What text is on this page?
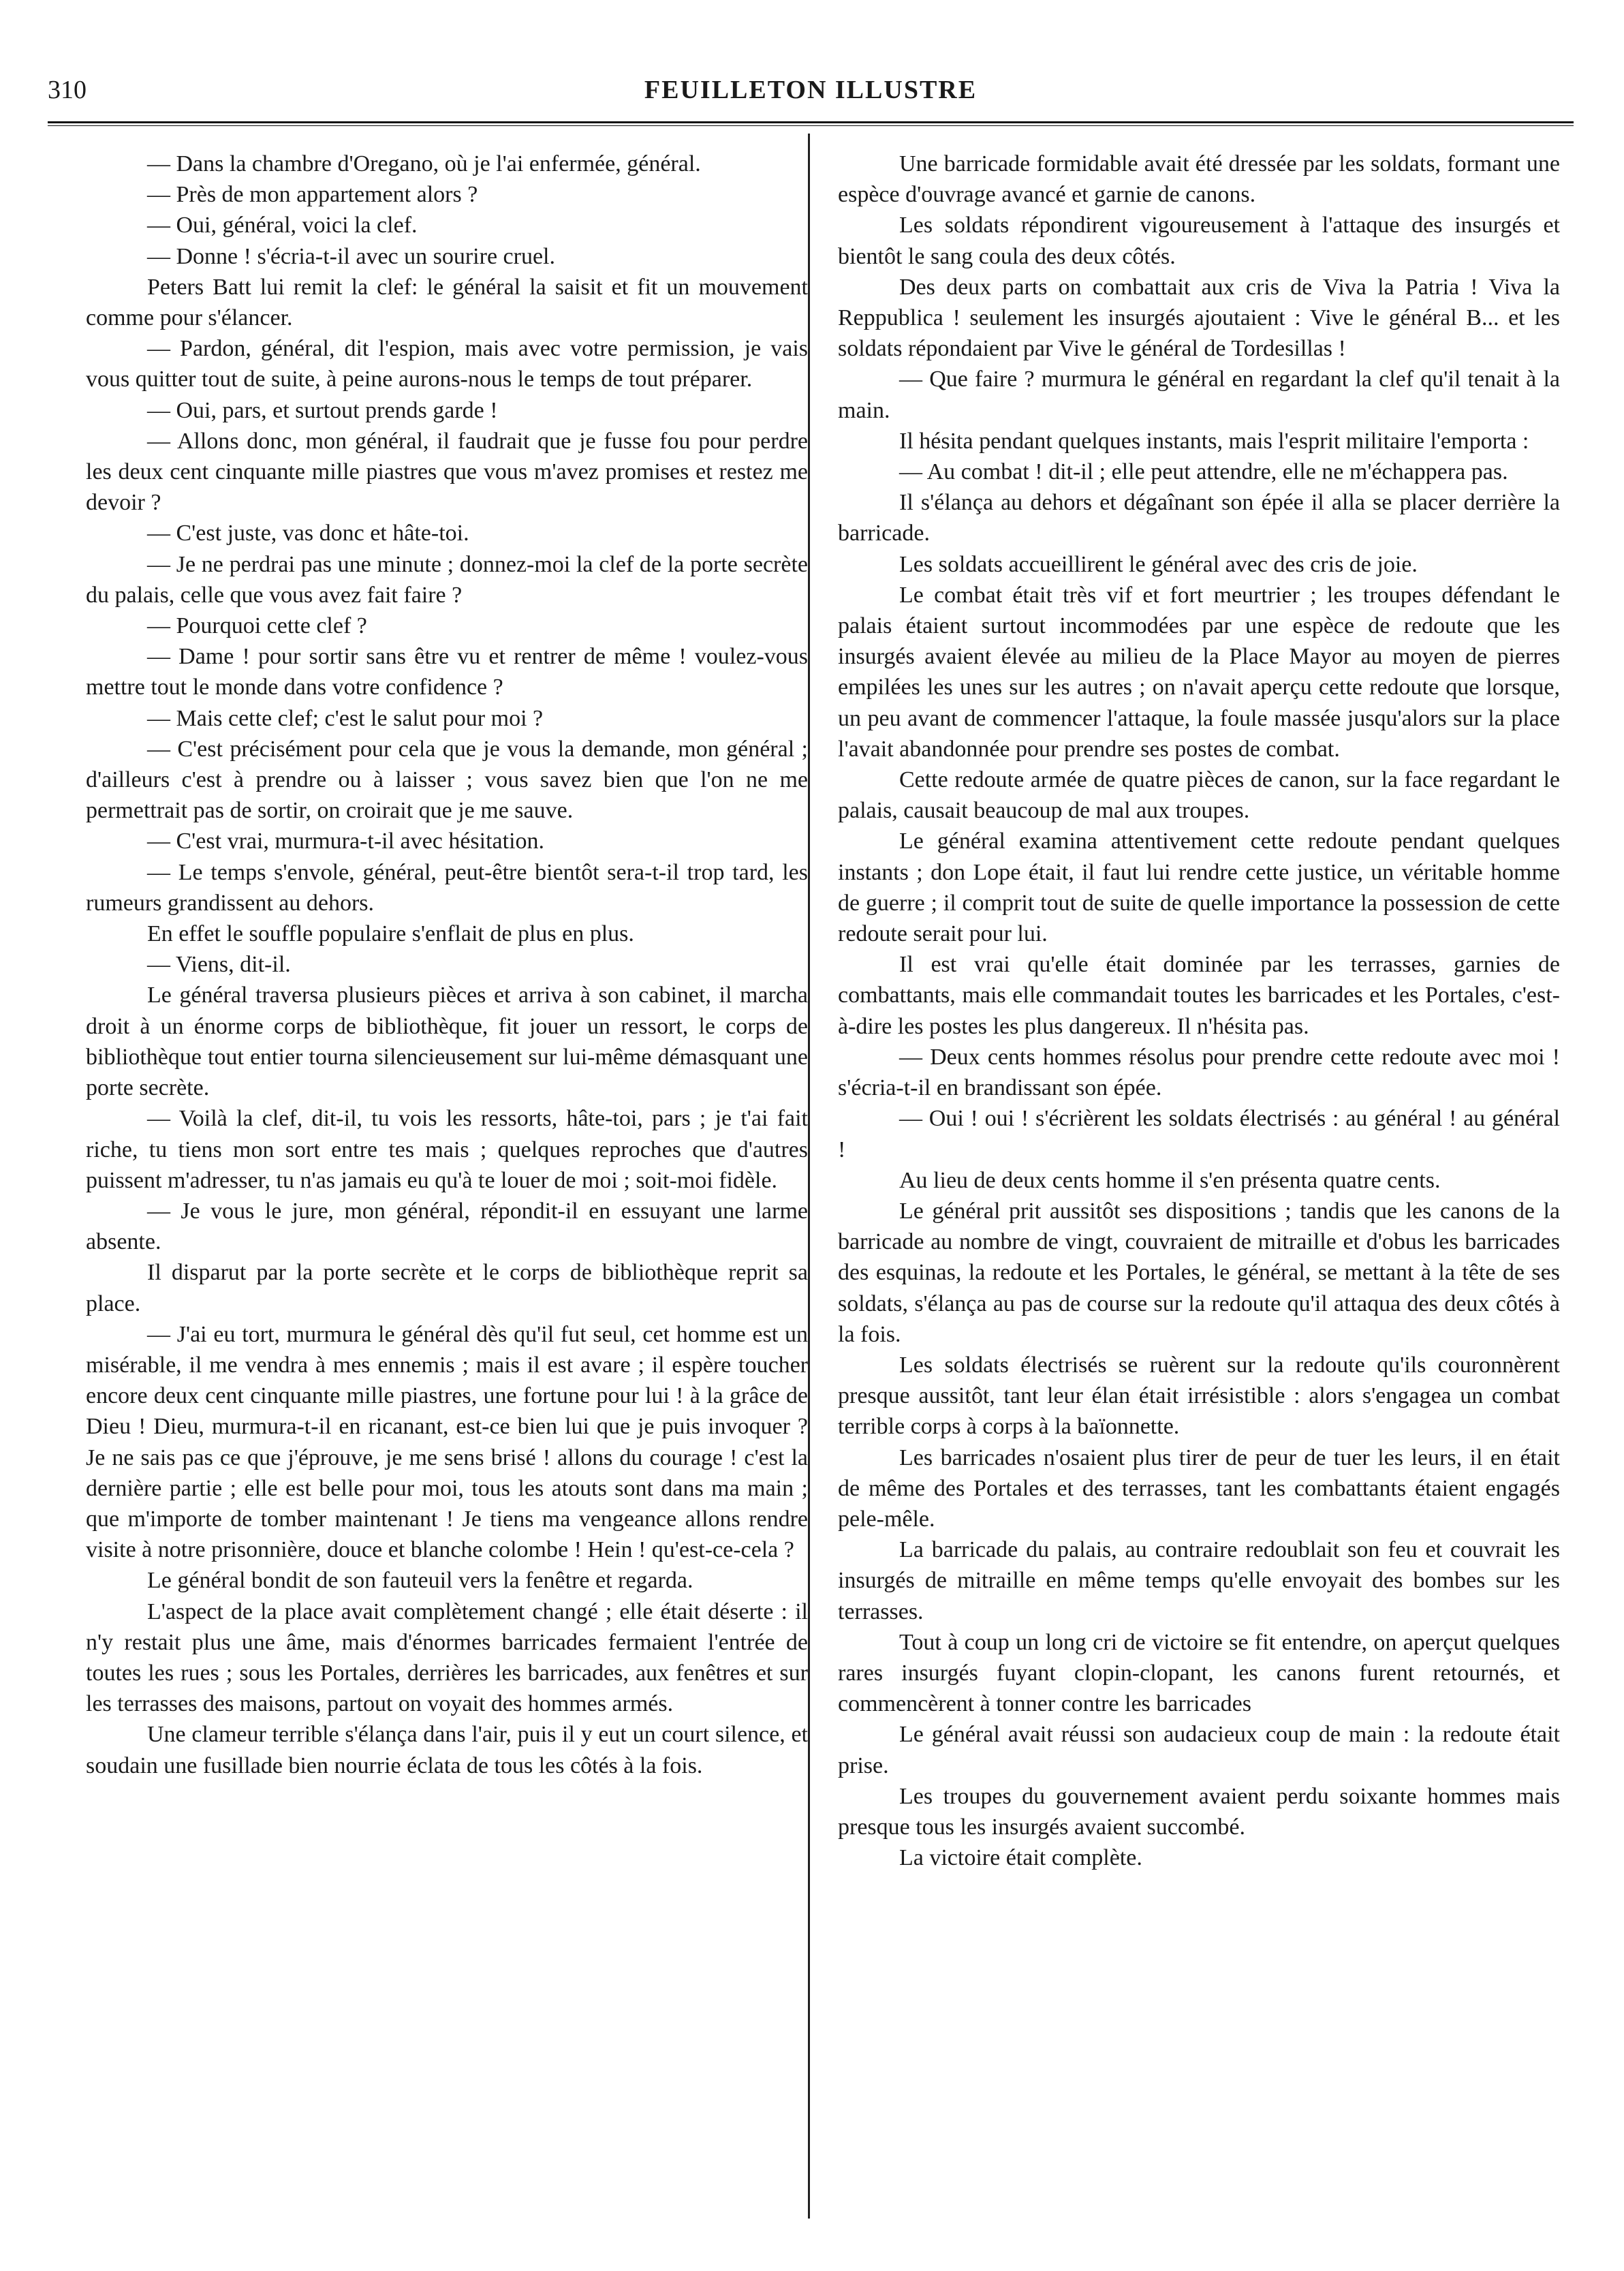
310	FEUILLETON ILLUSTRE

— Dans la chambre d'Oregano, où je l'ai enfermée, général.

— Près de mon appartement alors ?

— Oui, général, voici la clef.

— Donne ! s'écria-t-il avec un sourire cruel.

Peters Batt lui remit la clef: le général la saisit et fit un mouvement comme pour s'élancer.

— Pardon, général, dit l'espion, mais avec votre permission, je vais vous quitter tout de suite, à peine aurons-nous le temps de tout préparer.

— Oui, pars, et surtout prends garde !

— Allons donc, mon général, il faudrait que je fusse fou pour perdre les deux cent cinquante mille piastres que vous m'avez promises et restez me devoir ?

— C'est juste, vas donc et hâte-toi.

— Je ne perdrai pas une minute ; donnez-moi la clef de la porte secrète du palais, celle que vous avez fait faire ?

— Pourquoi cette clef ?

— Dame ! pour sortir sans être vu et rentrer de même ! voulez-vous mettre tout le monde dans votre confidence ?

— Mais cette clef; c'est le salut pour moi ?

— C'est précisément pour cela que je vous la demande, mon général ; d'ailleurs c'est à prendre ou à laisser ; vous savez bien que l'on ne me permettrait pas de sortir, on croirait que je me sauve.

— C'est vrai, murmura-t-il avec hésitation.

— Le temps s'envole, général, peut-être bientôt sera-t-il trop tard, les rumeurs grandissent au dehors.

En effet le souffle populaire s'enflait de plus en plus.

— Viens, dit-il.

Le général traversa plusieurs pièces et arriva à son cabinet, il marcha droit à un énorme corps de bibliothèque, fit jouer un ressort, le corps de bibliothèque tout entier tourna silencieusement sur lui-même démasquant une porte secrète.

— Voilà la clef, dit-il, tu vois les ressorts, hâte-toi, pars ; je t'ai fait riche, tu tiens mon sort entre tes mais ; quelques reproches que d'autres puissent m'adresser, tu n'as jamais eu qu'à te louer de moi ; soit-moi fidèle.

— Je vous le jure, mon général, répondit-il en essuyant une larme absente.

Il disparut par la porte secrète et le corps de bibliothèque reprit sa place.

— J'ai eu tort, murmura le général dès qu'il fut seul, cet homme est un misérable, il me vendra à mes ennemis ; mais il est avare ; il espère toucher encore deux cent cinquante mille piastres, une fortune pour lui ! à la grâce de Dieu ! Dieu, murmura-t-il en ricanant, est-ce bien lui que je puis invoquer ? Je ne sais pas ce que j'éprouve, je me sens brisé ! allons du courage ! c'est la dernière partie ; elle est belle pour moi, tous les atouts sont dans ma main ; que m'importe de tomber maintenant ! Je tiens ma vengeance allons rendre visite à notre prisonnière, douce et blanche colombe ! Hein ! qu'est-ce-cela ?

Le général bondit de son fauteuil vers la fenêtre et regarda.

L'aspect de la place avait complètement changé ; elle était déserte : il n'y restait plus une âme, mais d'énormes barricades fermaient l'entrée de toutes les rues ; sous les Portales, derrières les barricades, aux fenêtres et sur les terrasses des maisons, partout on voyait des hommes armés.

Une clameur terrible s'élança dans l'air, puis il y eut un court silence, et soudain une fusillade bien nourrie éclata de tous les côtés à la fois.

Une barricade formidable avait été dressée par les soldats, formant une espèce d'ouvrage avancé et garnie de canons.

Les soldats répondirent vigoureusement à l'attaque des insurgés et bientôt le sang coula des deux côtés.

Des deux parts on combattait aux cris de Viva la Patria ! Viva la Reppublica ! seulement les insurgés ajoutaient : Vive le général B... et les soldats répondaient par Vive le général de Tordesillas !

— Que faire ? murmura le général en regardant la clef qu'il tenait à la main.

Il hésita pendant quelques instants, mais l'esprit militaire l'emporta :

— Au combat ! dit-il ; elle peut attendre, elle ne m'échappera pas.

Il s'élança au dehors et dégaînant son épée il alla se placer derrière la barricade.

Les soldats accueillirent le général avec des cris de joie.

Le combat était très vif et fort meurtrier ; les troupes défendant le palais étaient surtout incommodées par une espèce de redoute que les insurgés avaient élevée au milieu de la Place Mayor au moyen de pierres empilées les unes sur les autres ; on n'avait aperçu cette redoute que lorsque, un peu avant de commencer l'attaque, la foule massée jusqu'alors sur la place l'avait abandonnée pour prendre ses postes de combat.

Cette redoute armée de quatre pièces de canon, sur la face regardant le palais, causait beaucoup de mal aux troupes.

Le général examina attentivement cette redoute pendant quelques instants ; don Lope était, il faut lui rendre cette justice, un véritable homme de guerre ; il comprit tout de suite de quelle importance la possession de cette redoute serait pour lui.

Il est vrai qu'elle était dominée par les terrasses, garnies de combattants, mais elle commandait toutes les barricades et les Portales, c'est-à-dire les postes les plus dangereux. Il n'hésita pas.

— Deux cents hommes résolus pour prendre cette redoute avec moi ! s'écria-t-il en brandissant son épée.

— Oui ! oui ! s'écrièrent les soldats électrisés : au général ! au général !

Au lieu de deux cents homme il s'en présenta quatre cents.

Le général prit aussitôt ses dispositions ; tandis que les canons de la barricade au nombre de vingt, couvraient de mitraille et d'obus les barricades des esquinas, la redoute et les Portales, le général, se mettant à la tête de ses soldats, s'élança au pas de course sur la redoute qu'il attaqua des deux côtés à la fois.

Les soldats électrisés se ruèrent sur la redoute qu'ils couronnèrent presque aussitôt, tant leur élan était irrésistible : alors s'engagea un combat terrible corps à corps à la baïonnette.

Les barricades n'osaient plus tirer de peur de tuer les leurs, il en était de même des Portales et des terrasses, tant les combattants étaient engagés pele-mêle.

La barricade du palais, au contraire redoublait son feu et couvrait les insurgés de mitraille en même temps qu'elle envoyait des bombes sur les terrasses.

Tout à coup un long cri de victoire se fit entendre, on aperçut quelques rares insurgés fuyant clopin-clopant, les canons furent retournés, et commencèrent à tonner contre les barricades

Le général avait réussi son audacieux coup de main : la redoute était prise.

Les troupes du gouvernement avaient perdu soixante hommes mais presque tous les insurgés avaient succombé.

La victoire était complète.
